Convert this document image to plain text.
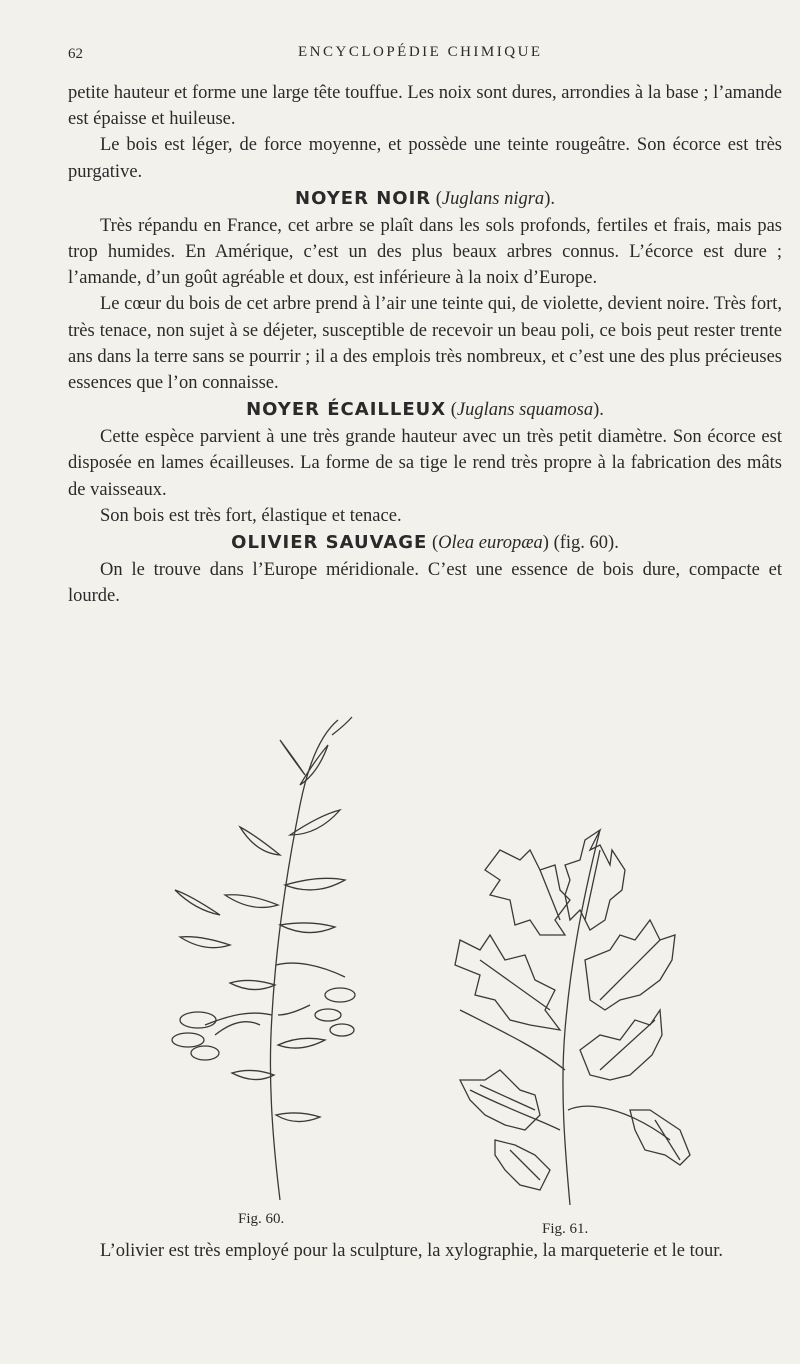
62	ENCYCLOPÉDIE CHIMIQUE

petite hauteur et forme une large tête touffue. Les noix sont dures, arrondies à la base ; l’amande est épaisse et huileuse.

Le bois est léger, de force moyenne, et possède une teinte rougeâtre. Son écorce est très purgative.

NOYER NOIR (Juglans nigra).

Très répandu en France, cet arbre se plaît dans les sols profonds, fertiles et frais, mais pas trop humides. En Amérique, c’est un des plus beaux arbres connus. L’écorce est dure ; l’amande, d’un goût agréable et doux, est inférieure à la noix d’Europe.

Le cœur du bois de cet arbre prend à l’air une teinte qui, de violette, devient noire. Très fort, très tenace, non sujet à se déjeter, susceptible de recevoir un beau poli, ce bois peut rester trente ans dans la terre sans se pourrir ; il a des emplois très nombreux, et c’est une des plus précieuses essences que l’on connaisse.

NOYER ÉCAILLEUX (Juglans squamosa).

Cette espèce parvient à une très grande hauteur avec un très petit diamètre. Son écorce est disposée en lames écailleuses. La forme de sa tige le rend très propre à la fabrication des mâts de vaisseaux.

Son bois est très fort, élastique et tenace.

OLIVIER SAUVAGE (Olea europæa) (fig. 60).

On le trouve dans l’Europe méridionale. C’est une essence de bois dure, compacte et lourde.

Fig. 60.
Fig. 61.

L’olivier est très employé pour la sculpture, la xylographie, la marqueterie et le tour.
